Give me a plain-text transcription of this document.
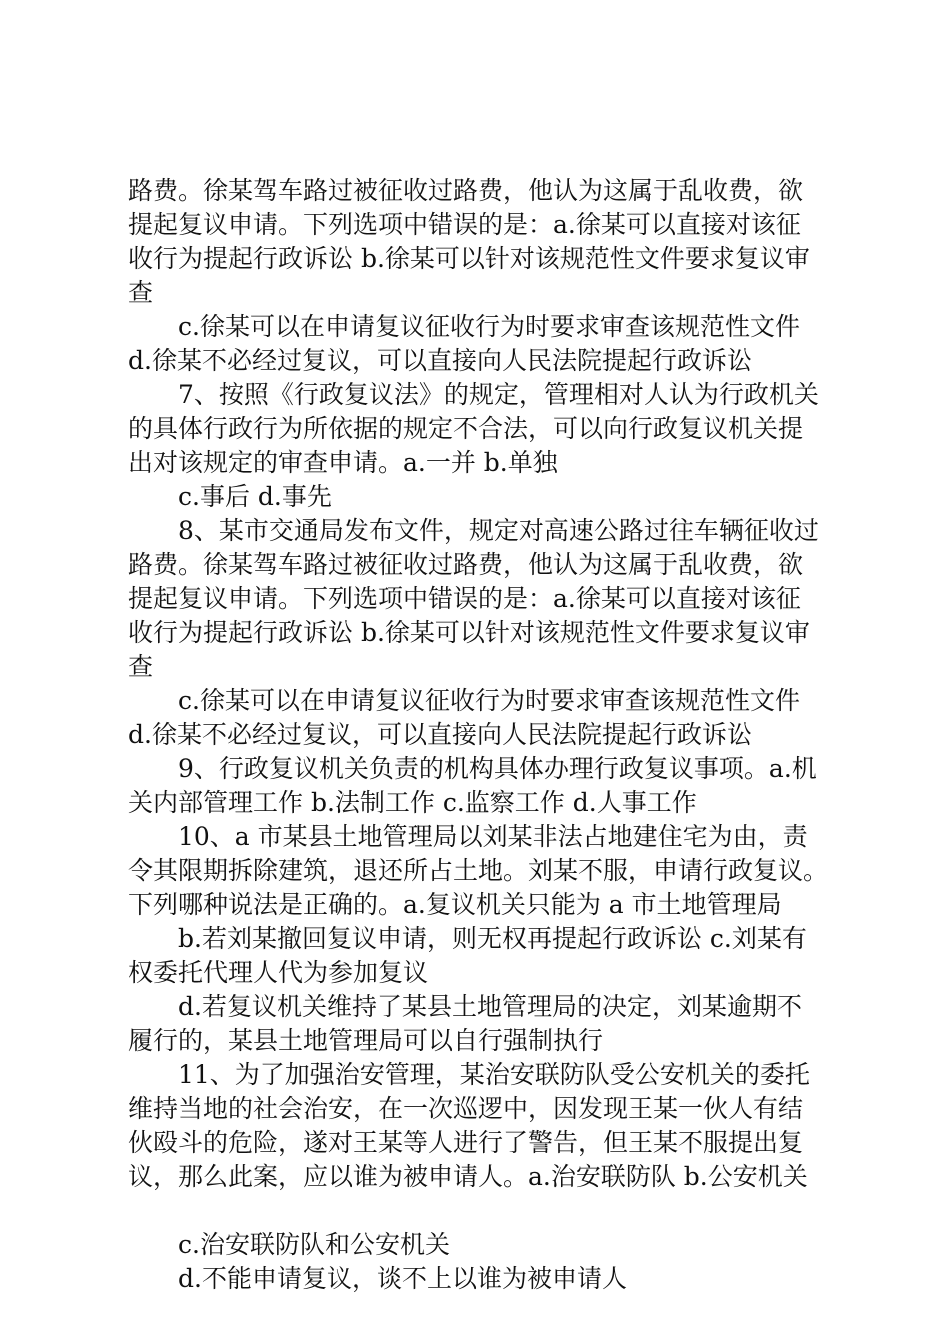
路费。徐某驾车路过被征收过路费，他认为这属于乱收费，欲
提起复议申请。下列选项中错误的是：a.徐某可以直接对该征
收行为提起行政诉讼 b.徐某可以针对该规范性文件要求复议审
查
c.徐某可以在申请复议征收行为时要求审查该规范性文件
d.徐某不必经过复议，可以直接向人民法院提起行政诉讼
7、按照《行政复议法》的规定，管理相对人认为行政机关
的具体行政行为所依据的规定不合法，可以向行政复议机关提
出对该规定的审查申请。a.一并 b.单独
c.事后 d.事先
8、某市交通局发布文件，规定对高速公路过往车辆征收过
路费。徐某驾车路过被征收过路费，他认为这属于乱收费，欲
提起复议申请。下列选项中错误的是：a.徐某可以直接对该征
收行为提起行政诉讼 b.徐某可以针对该规范性文件要求复议审
查
c.徐某可以在申请复议征收行为时要求审查该规范性文件
d.徐某不必经过复议，可以直接向人民法院提起行政诉讼
9、行政复议机关负责的机构具体办理行政复议事项。a.机
关内部管理工作 b.法制工作 c.监察工作 d.人事工作
10、a 市某县土地管理局以刘某非法占地建住宅为由，责
令其限期拆除建筑，退还所占土地。刘某不服，申请行政复议。
下列哪种说法是正确的。a.复议机关只能为 a 市土地管理局
b.若刘某撤回复议申请，则无权再提起行政诉讼 c.刘某有
权委托代理人代为参加复议
d.若复议机关维持了某县土地管理局的决定，刘某逾期不
履行的，某县土地管理局可以自行强制执行
11、为了加强治安管理，某治安联防队受公安机关的委托
维持当地的社会治安，在一次巡逻中，因发现王某一伙人有结
伙殴斗的危险，遂对王某等人进行了警告，但王某不服提出复
议，那么此案，应以谁为被申请人。a.治安联防队 b.公安机关
c.治安联防队和公安机关
d.不能申请复议，谈不上以谁为被申请人
